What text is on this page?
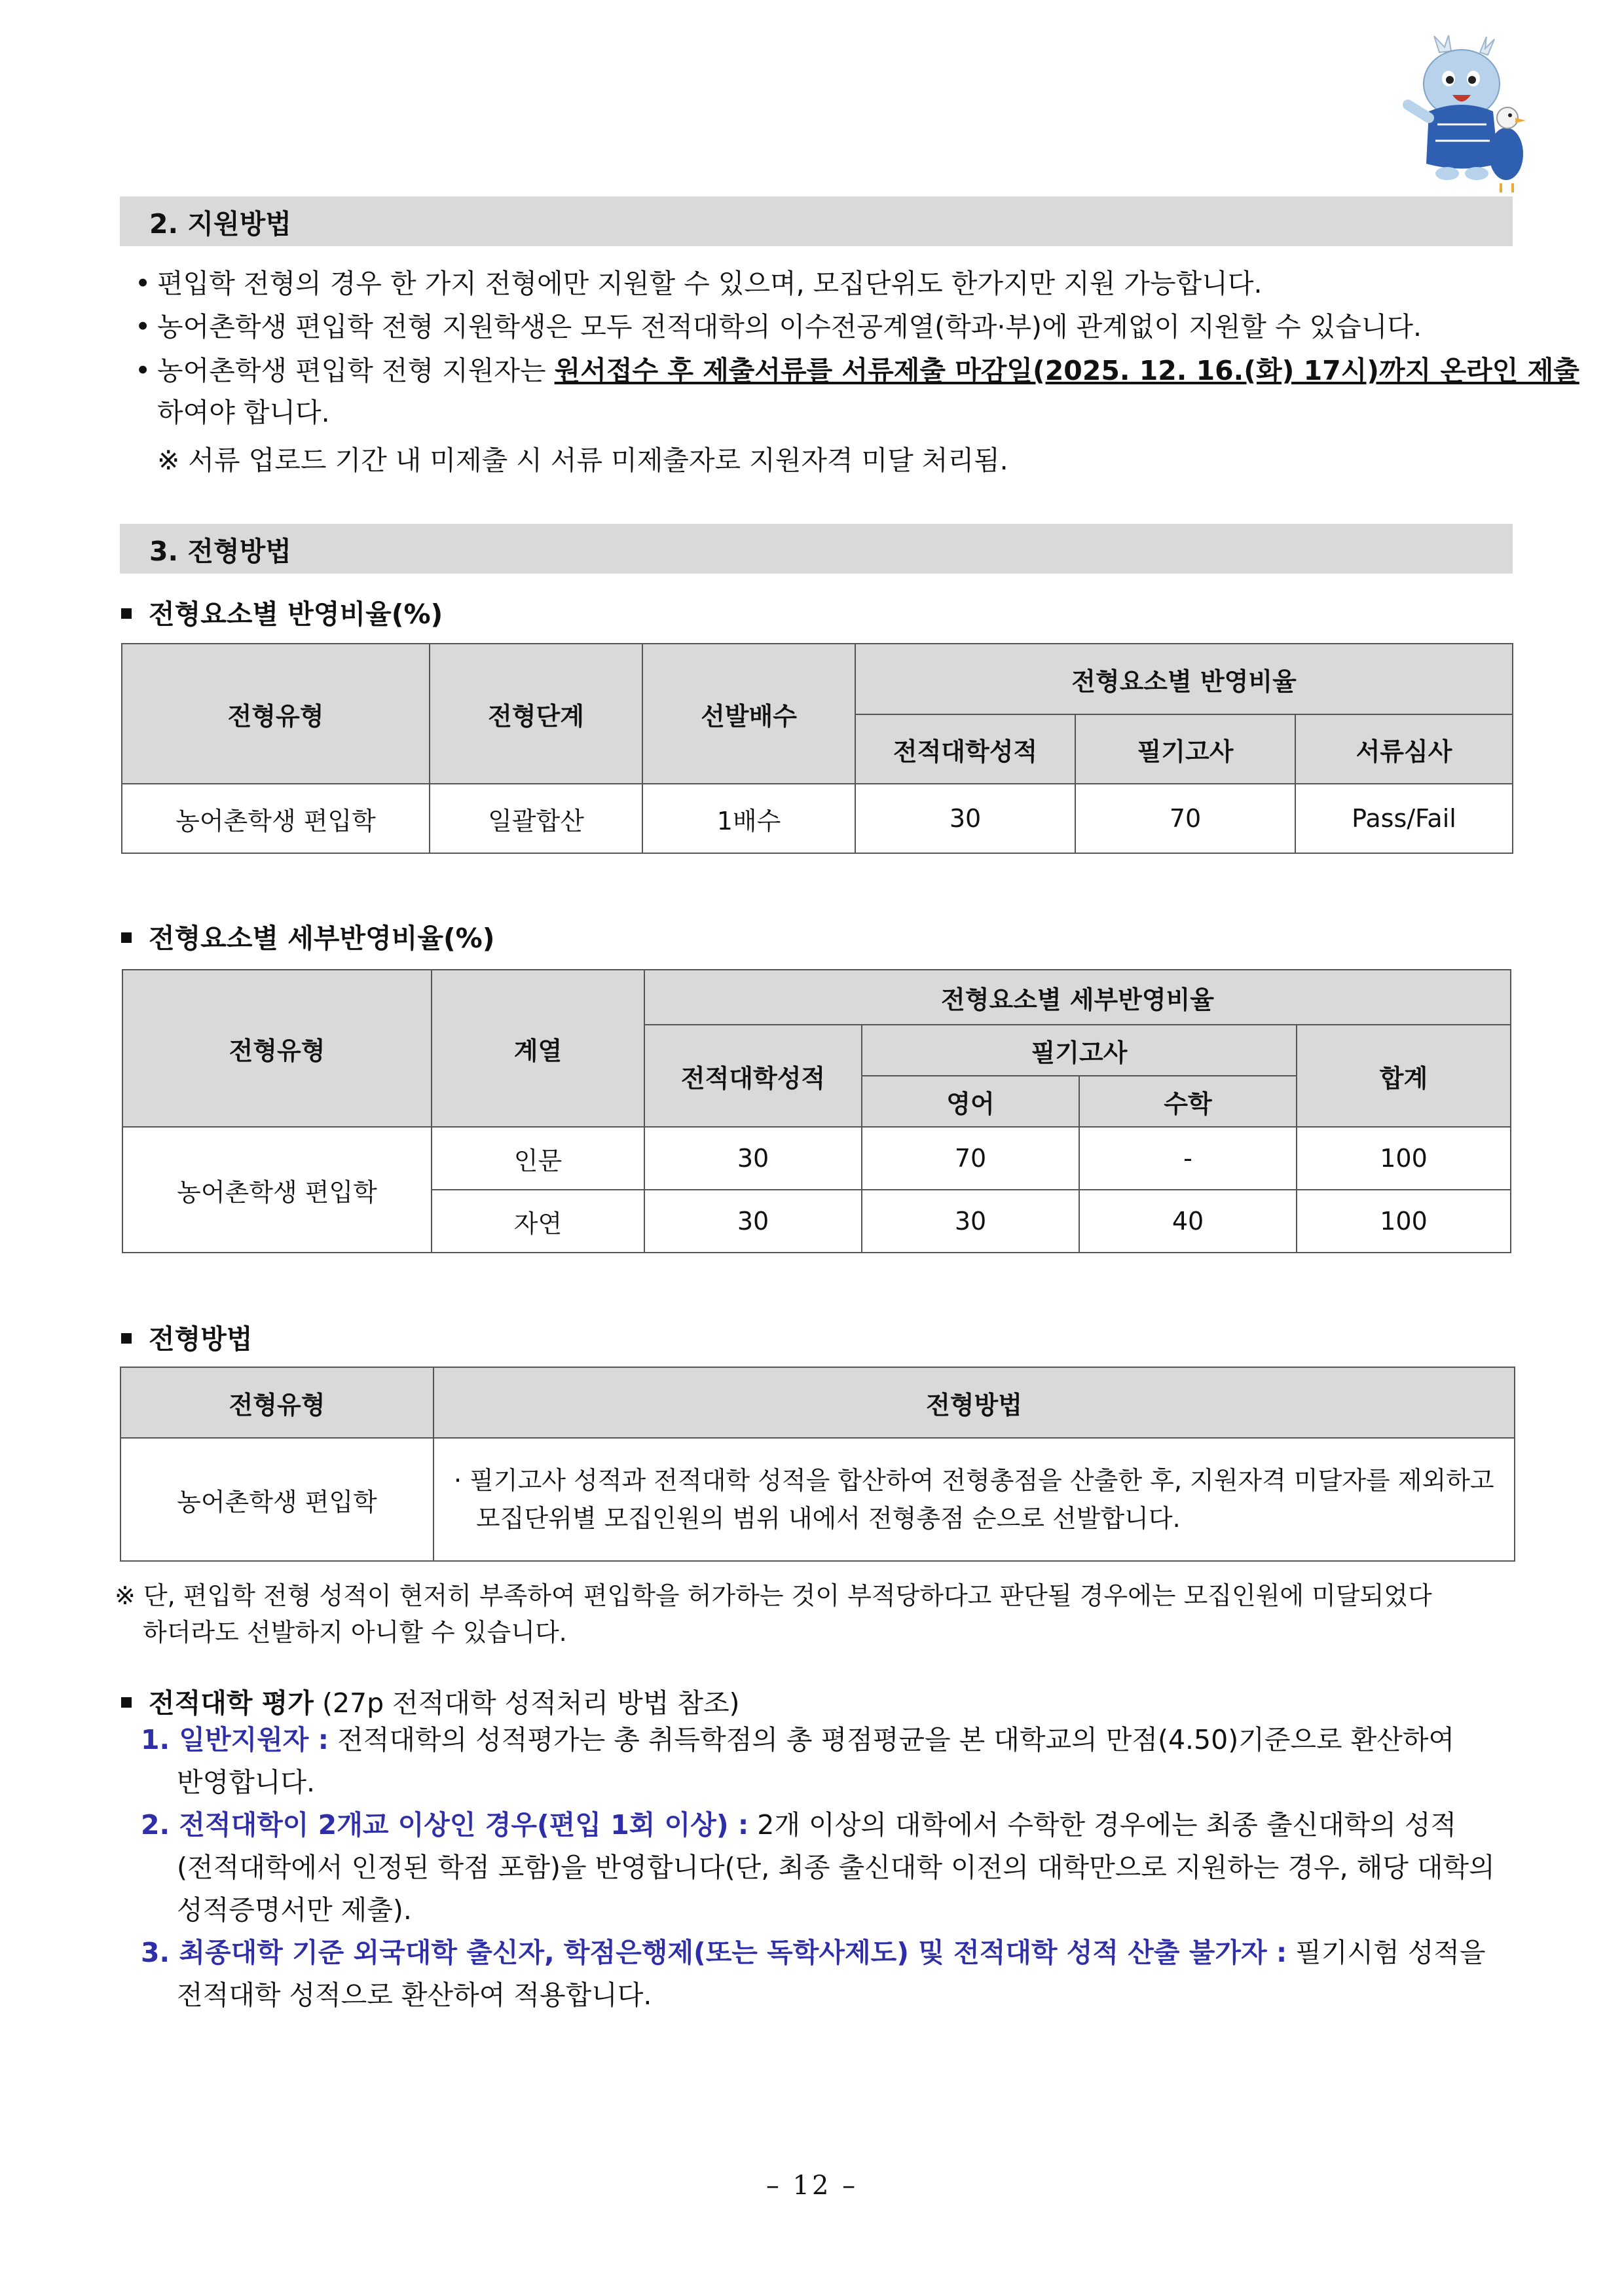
2. 지원방법
• 편입학 전형의 경우 한 가지 전형에만 지원할 수 있으며, 모집단위도 한가지만 지원 가능합니다.
• 농어촌학생 편입학 전형 지원학생은 모두 전적대학의 이수전공계열(학과·부)에 관계없이 지원할 수 있습니다.
• 농어촌학생 편입학 전형 지원자는 원서접수 후 제출서류를 서류제출 마감일(2025. 12. 16.(화) 17시)까지 온라인 제출
하여야 합니다.
※ 서류 업로드 기간 내 미제출 시 서류 미제출자로 지원자격 미달 처리됨.
3. 전형방법
전형요소별 반영비율(%)
전형유형	전형단계	선발배수	전형요소별 반영비율		
			전적대학성적	필기고사	서류심사
농어촌학생 편입학	일괄합산	1배수	30	70	Pass/Fail
전형요소별 세부반영비율(%)
전형유형	계열	전형요소별 세부반영비율			
		전적대학성적	필기고사		합계
			영어	수학	
농어촌학생 편입학	인문	30	70	-	100
	자연	30	30	40	100
전형방법
전형유형	전형방법
농어촌학생 편입학	· 필기고사 성적과 전적대학 성적을 합산하여 전형총점을 산출한 후, 지원자격 미달자를 제외하고
모집단위별 모집인원의 범위 내에서 전형총점 순으로 선발합니다.
※ 단, 편입학 전형 성적이 현저히 부족하여 편입학을 허가하는 것이 부적당하다고 판단될 경우에는 모집인원에 미달되었다
하더라도 선발하지 아니할 수 있습니다.
전적대학 평가 (27p 전적대학 성적처리 방법 참조)
1. 일반지원자 : 전적대학의 성적평가는 총 취득학점의 총 평점평균을 본 대학교의 만점(4.50)기준으로 환산하여
반영합니다.
2. 전적대학이 2개교 이상인 경우(편입 1회 이상) : 2개 이상의 대학에서 수학한 경우에는 최종 출신대학의 성적
(전적대학에서 인정된 학점 포함)을 반영합니다(단, 최종 출신대학 이전의 대학만으로 지원하는 경우, 해당 대학의
성적증명서만 제출).
3. 최종대학 기준 외국대학 출신자, 학점은행제(또는 독학사제도) 및 전적대학 성적 산출 불가자 : 필기시험 성적을
전적대학 성적으로 환산하여 적용합니다.
– 12 –
